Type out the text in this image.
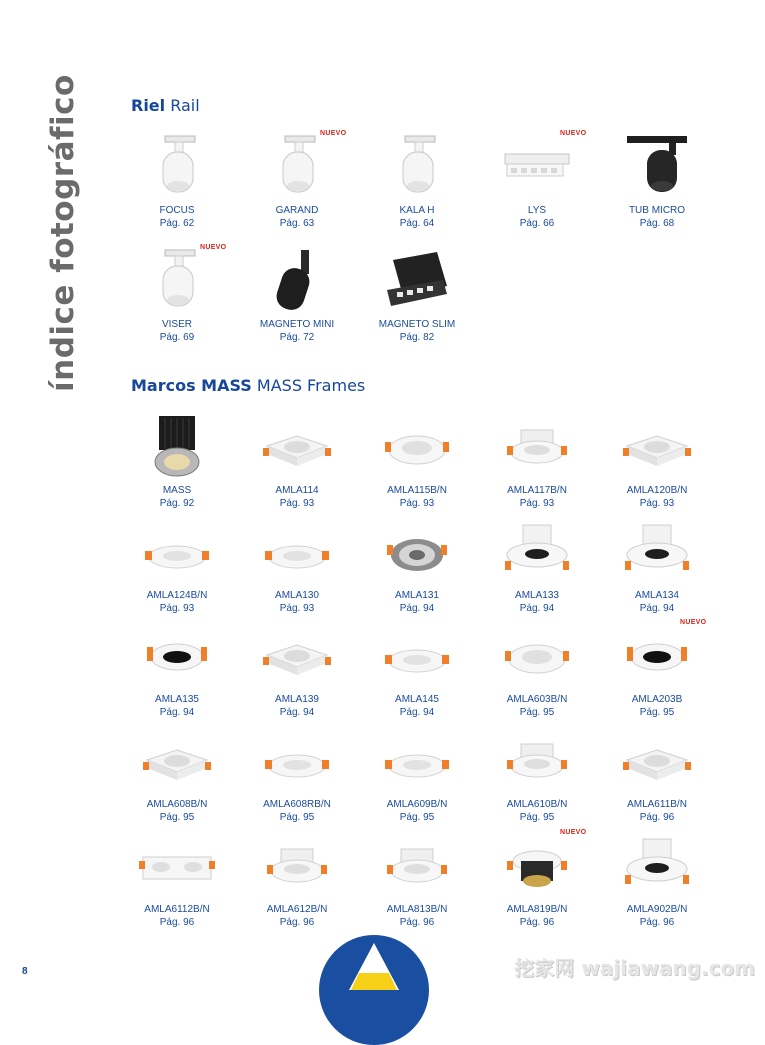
índice fotográfico	Riel Rail
Marcos MASS MASS Frames
FOCUS
Pág. 62
NUEVO
GARAND
Pág. 63
KALA H
Pág. 64
NUEVO
LYS
Pág. 66
TUB MICRO
Pág. 68
NUEVO
VISER
Pág. 69
MAGNETO MINI
Pág. 72
MAGNETO SLIM
Pág. 82
MASS
Pág. 92
AMLA114
Pág. 93
AMLA115B/N
Pág. 93
AMLA117B/N
Pág. 93
AMLA120B/N
Pág. 93
AMLA124B/N
Pág. 93
AMLA130
Pág. 93
AMLA131
Pág. 94
AMLA133
Pág. 94
AMLA134
Pág. 94
AMLA135
Pág. 94
AMLA139
Pág. 94
AMLA145
Pág. 94
AMLA603B/N
Pág. 95
NUEVO
AMLA203B
Pág. 95
AMLA608B/N
Pág. 95
AMLA608RB/N
Pág. 95
AMLA609B/N
Pág. 95
AMLA610B/N
Pág. 95
AMLA611B/N
Pág. 96
AMLA6112B/N
Pág. 96
AMLA612B/N
Pág. 96
AMLA813B/N
Pág. 96
NUEVO
AMLA819B/N
Pág. 96
AMLA902B/N
Pág. 96
8	挖家网 wajiawang.com
